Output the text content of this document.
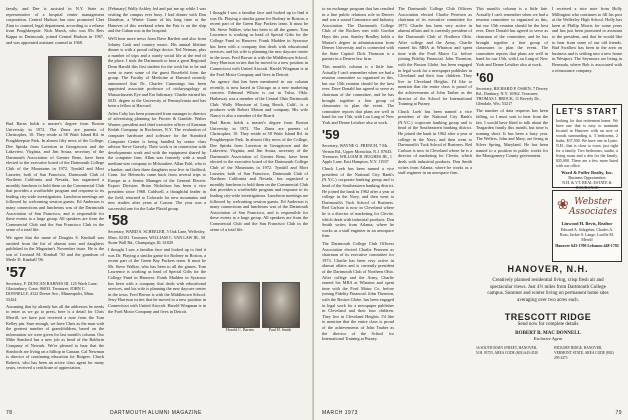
family, and Dee is assisted in N.Y. State as representative of a hospital center management corporation. Central Hudson has now promoted Chet Zinn to counsel, legal department, according to a release from Poughkeepsie. Nick Marsh, who was 85s Reis Kappa in Dartmouth, joined Central Hudson in 1967, and was appointed assistant counsel in 1968.

Bud Barns holds a master's degree from Boston University in 1972. The Zinns are parents of Christopher, 10. They reside at 58 Waitt Island Rd. in Poughkeepsie Park. In almost fifty news of the College, Dee Spinks from Laverton in Georgetown and the Lakeview, Virginia, and Jim Sousa, secretary of the Dartmouth Association of Greater Reno, have been elected to the executive board of the Dartmouth College Club of the Mountains in 1972. Tyndall and Mort Lasseter, both of San Francisco, Dartmouth Club of Northern California and Nevada, has organized a monthly luncheon to hold them on the Commercial Club that provides a worthwhile program and response to its leading city-wide investigations. Luncheon meetings are followed by welcoming session guests. Ed Anderson is many connections and luncheons was of the Dartmouth Association of San Francisco, and is responsible for these events to a large group. All speakers are from the Commercial Club and the San Francisco Club in the sense of a total life.

We agree that the name of Douglas S. Kimball was omitted from the list of alumni sons and daughters published in the Magazine's November issue. He is the son of Leonard M. Kimball '30 and the grandson of Merle D. Kimball '06.

'57

Secretary, F. DUNCAN BARNES III, 125 Wach Lane, Glastonbury, Conn. 06033. Treasurer, JOHN C. DONNELLY, 4122 Dorset Ave., Minneapolis, Minn. 55424

Assuming that by already has all the addresses he needs to enter as we go to press, here is a detail for Chris Merrill, we have just received a note from the Tom Kelley pin. Sure enough, we have Chris as the man with the greatest number of grandchildren, based on the information we were given for last month's column. Our Mike Stanford has a new job as head of the Baldwin Company of Newark. We're pleased to hear that the Stanfords are living on a hilltop in Canaan. Cal Newman is director of continuing education for Rutgers. Chuck Roberts, who has been an active class agent for many years, received a certificate of appreciation.

[February] Wally Ackley fed and put me up while I was visiting the campus ever busy. I had dinner with Don Donahue, a Winter Game of his long time at the Hanover of this weekend when the Fair is on the ship and the Cuban was in the hospital.

We'll hear more news from Dave Bartlett and also from Johnny Cash and country music. His annual lifetime dinner is with a proud college doctor. Ted Neiman, plus a number of trips and a sturdy social life at the end of the place. I took the Dartmouth to hear a great Regional Dean Harold this first student for the wish list to be and went to meet some of the guest Rosefield from the group. The Faculty of Medicine at Harvard recently announced that Dr. Charles Cummings has been appointed associate professor of otolaryngology at Massachusetts Eye and Ear Infirmary. Charlie earned his M.D. degree at the University of Pennsylvania and has been a fellow at Harvard.

Arlen Coby has been promoted from manager to director of advertising planning for Procter & Gamble. Walter Warner, president and chief executive officer of Eastman Kodak Company in Rochester, N.Y. The evaluation of computer hardware and software for the Stamford Computer Center is being handled by senior class advisor Steve Gravely. Their work is in connection with developments work and with the equipment shared by the computer firm. Allan was formerly with a small medium-size company in Milwaukee. Allan Pohl, who is a banker, and their three daughters now live in Guilford, Conn. Joe Heinrichs came back from several trips to Europe as a Senior Manager of the General Electric Export Division. Brian Nicholson has been a vice president since 1968. Caldwell, a thoughtful leader in the field, returned to Colorado for new mountains and new studies after years at Carson. The year was a successful one for the Lake Placid group.

'58

Secretary, WARD S. SCHEELER, 5 Oak Lane, Wellesley, Mass. 02181. Treasurer, WILLIAM C. VAN LAW JR., 50 Stone Wall Rd., Champaign, Ill. 61820

I thought I saw a familiar face and looked up to find it was Dr. Playing a similar game for Rodney in Boston, a recent part of the Green Bay Packers team. It must be Mr. Steve Walker, who has been to all the games. Tom Lawrence is working as head of Special Gifts for the College Fund in Hanover. Frank Madden in Syracuse has been with a company that deals with educational services, and his wife is planning the new daycare center in the town. Fred Brown is with the Middletown School. Jerry Harrison writes that he moved to a new position in Connecticut with United Aircraft. Harold Wingman is in the Ford Motor Company and lives in Detroit.

I thought I saw a familiar face and looked up to find it was Dr. Playing a similar game for Rodney in Boston, a recent part of the Green Bay Packers team. It must be Mr. Steve Walker, who has been to all the games. Tom Lawrence is working as head of Special Gifts for the College Fund in Hanover. Frank Madden in Syracuse has been with a company that deals with educational services, and his wife is planning the new daycare center in the town. Fred Brown is with the Middletown School. Jerry Harrison writes that he moved to a new position in Connecticut with United Aircraft. Harold Wingman is in the Ford Motor Company and lives in Detroit.

An agency that has been mentioned in our column recently, is now based in Chicago as a new marketing concern. Edmund Wilson is out in Tulsa, Okla. Hathaway was a member of the Central Ohio Dartmouth Club. Wally Morrison of Long Beach, Calif., is a producer with Robert Mason and company. His wife Nancy is also a member of the Board.

Bud Barns holds a master's degree from Boston University in 1972. The Zinns are parents of Christopher, 10. They reside at 58 Waitt Island Rd. in Poughkeepsie Park. In almost fifty news of the College, Dee Spinks from Laverton in Georgetown and the Lakeview, Virginia, and Jim Sousa, secretary of the Dartmouth Association of Greater Reno, have been elected to the executive board of the Dartmouth College Club of the Mountains in 1972. Tyndall and Mort Lasseter, both of San Francisco, Dartmouth Club of Northern California and Nevada, has organized a monthly luncheon to hold them on the Commercial Club that provides a worthwhile program and response to its leading city-wide investigations. Luncheon meetings are followed by welcoming session guests. Ed Anderson is many connections and luncheons was of the Dartmouth Association of San Francisco, and is responsible for these events to a large group. All speakers are from the Commercial Club and the San Francisco Club in the sense of a total life.

Harold C. Barnes	Paul H. Smith
78	DARTMOUTH ALUMNI MAGAZINE

to an exchange program that has resulted in a fine public relations role in Denver and was a sound Commerce and Industry Association. The Dartmouth College Club of the Rockies met with Gordon Hays this year. Stanley Bradley holds a Master's degree in administration from Denver University and is connected with the State Capitol. Dick Thomson is a partner in a Denver law firm.

This month's column is a little late. Actually I can't remember when we had a reunion committee so organized as this, but our 15th reunion should be the best ever. Dave Donald has agreed to serve as chairman of the committee, and he has brought together a fine group of classmates to plan the event. The committee reports that plans are well in hand for our 15th, with Lou Lang of New York and Deane Leisiker also at work.

'59

Secretary, WAYNE G. FRENCH, 7 Mt. Vernon Rd., Upper Montclair, N.J. 07043. Treasurer, WILLIAM B. HUGHES JR., 1 Apple Lane, East Hampton, N.Y. 11937

Chuck Loeb has been named a vice president of the National City Bank's (N.Y.C.) corporate banking group and is head of the Southeastern banking district. He joined the bank in 1962 after a year at college in the Navy, and then went to Dartmouth's Tuck School of Business. Red Carlson is now in Cleveland where he is a director of marketing for Clevite, which deals with industrial products. Don Smith writes from Atlanta, where he works as a staff engineer in an aerospace firm.

The Dartmouth College Club Officers Association elected Charlie Petersen as chairman of its executive committee for 1973. Charlie has been very active in alumni affairs and is currently president of the Dartmouth Club of Northern Ohio. After college and the Army, Charlie earned his MBA at Wharton and spent time with the Ford Motor Co. before joining Fidelity Financial. John Thornton, with the Boston Globe, has been engaged in legal work for a newspaper publisher in Cleveland and their four children. They live in Cleveland Heights. I'd like to mention that the entire class is proud of the achievements of John Tauber as the director of the School for International Training at Putney.

The Dartmouth College Club Officers Association elected Charlie Petersen as chairman of its executive committee for 1973. Charlie has been very active in alumni affairs and is currently president of the Dartmouth Club of Northern Ohio. After college and the Army, Charlie earned his MBA at Wharton and spent time with the Ford Motor Co. before joining Fidelity Financial. John Thornton, with the Boston Globe, has been engaged in legal work for a newspaper publisher in Cleveland and their four children. They live in Cleveland Heights. I'd like to mention that the entire class is proud of the achievements of John Tauber as the director of the School for International Training at Putney.

Chuck Loeb has been named a vice president of the National City Bank's (N.Y.C.) corporate banking group and is head of the Southeastern banking district. He joined the bank in 1962 after a year at college in the Navy, and then went to Dartmouth's Tuck School of Business. Red Carlson is now in Cleveland where he is a director of marketing for Clevite, which deals with industrial products. Don Smith writes from Atlanta, where he works as a staff engineer in an aerospace firm.

This month's column is a little late. Actually I can't remember when we had a reunion committee so organized as this, but our 15th reunion should be the best ever. Dave Donald has agreed to serve as chairman of the committee, and he has brought together a fine group of classmates to plan the event. The committee reports that plans are well in hand for our 15th, with Lou Lang of New York and Deane Leisiker also at work.

'60

Secretary, RICHARD P. OSSEN, 7 Dewey Rd., Danbury, N.Y. 10562. Treasurer, THOMAS J. BROCK, 11 Beverly Dr., Glendale, Wis. 53217

The number of data requests has been falling, so I must wait to hear from the fair. I would have liked to talk about the Teagarden family this month, but time is running short. It has been a busy year. The Wellers, John and Mary, are living in Silver Spring, Maryland. He has been named to a position in public works for the Montgomery County government.

I received a nice note from Holly Millington who continues to fill his post at the Wellesley High School. Holly has been at Phillip Morris for some years and has just been promoted to assistant to the president, and that he would like to hear from some of our old friends. Bud Swallow has been in the area on business and is settling into a new home in Westport. The Seymours are living in Bermuda, where Bob is associated with a reinsurance company.

LET'S START

looking for that retirement home. We have one that is easy to maintain located in Hanover with an acre of woods surrounding it, 3 bedrooms, 2 baths. $37,500. We have one in Lyme, N.H., that is close to town, just right for a family. Two bedrooms, studio, a living room and a den for the family. $35,000. There are a few more listed with our office.

Ward & Fuller Realty, Inc.
Business Opportunities
N.H. & VT. REAL ESTATE & INSURANCE
❀ Webster Associates
Linwood H. Bevis, Realtor
Edward A. Salzgeber, Charles A. Ross, Jackie S. Lange, Lucille M. Merrill
Hanover 643-1700 Lebanon 448-1702
HANOVER, N.H.

Creatively planned residential living, crisp fresh air and spectacular views. Just 4½ miles from Dartmouth College campus. Summer and winter living on permanent home sites averaging over two acres each.

TRESCOTT RIDGE
Send now for complete details
ROBERT B. MAC DONNELL
Exclusive Agent
16 SOUTH MAIN STREET, HANOVER, N.H. 03755, AREA CODE (603) 643-4510
HICKORY RIDGE, HANOVER, VERMONT STATE, AREA CODE (802) 295-2271
MARCH 1973	79
